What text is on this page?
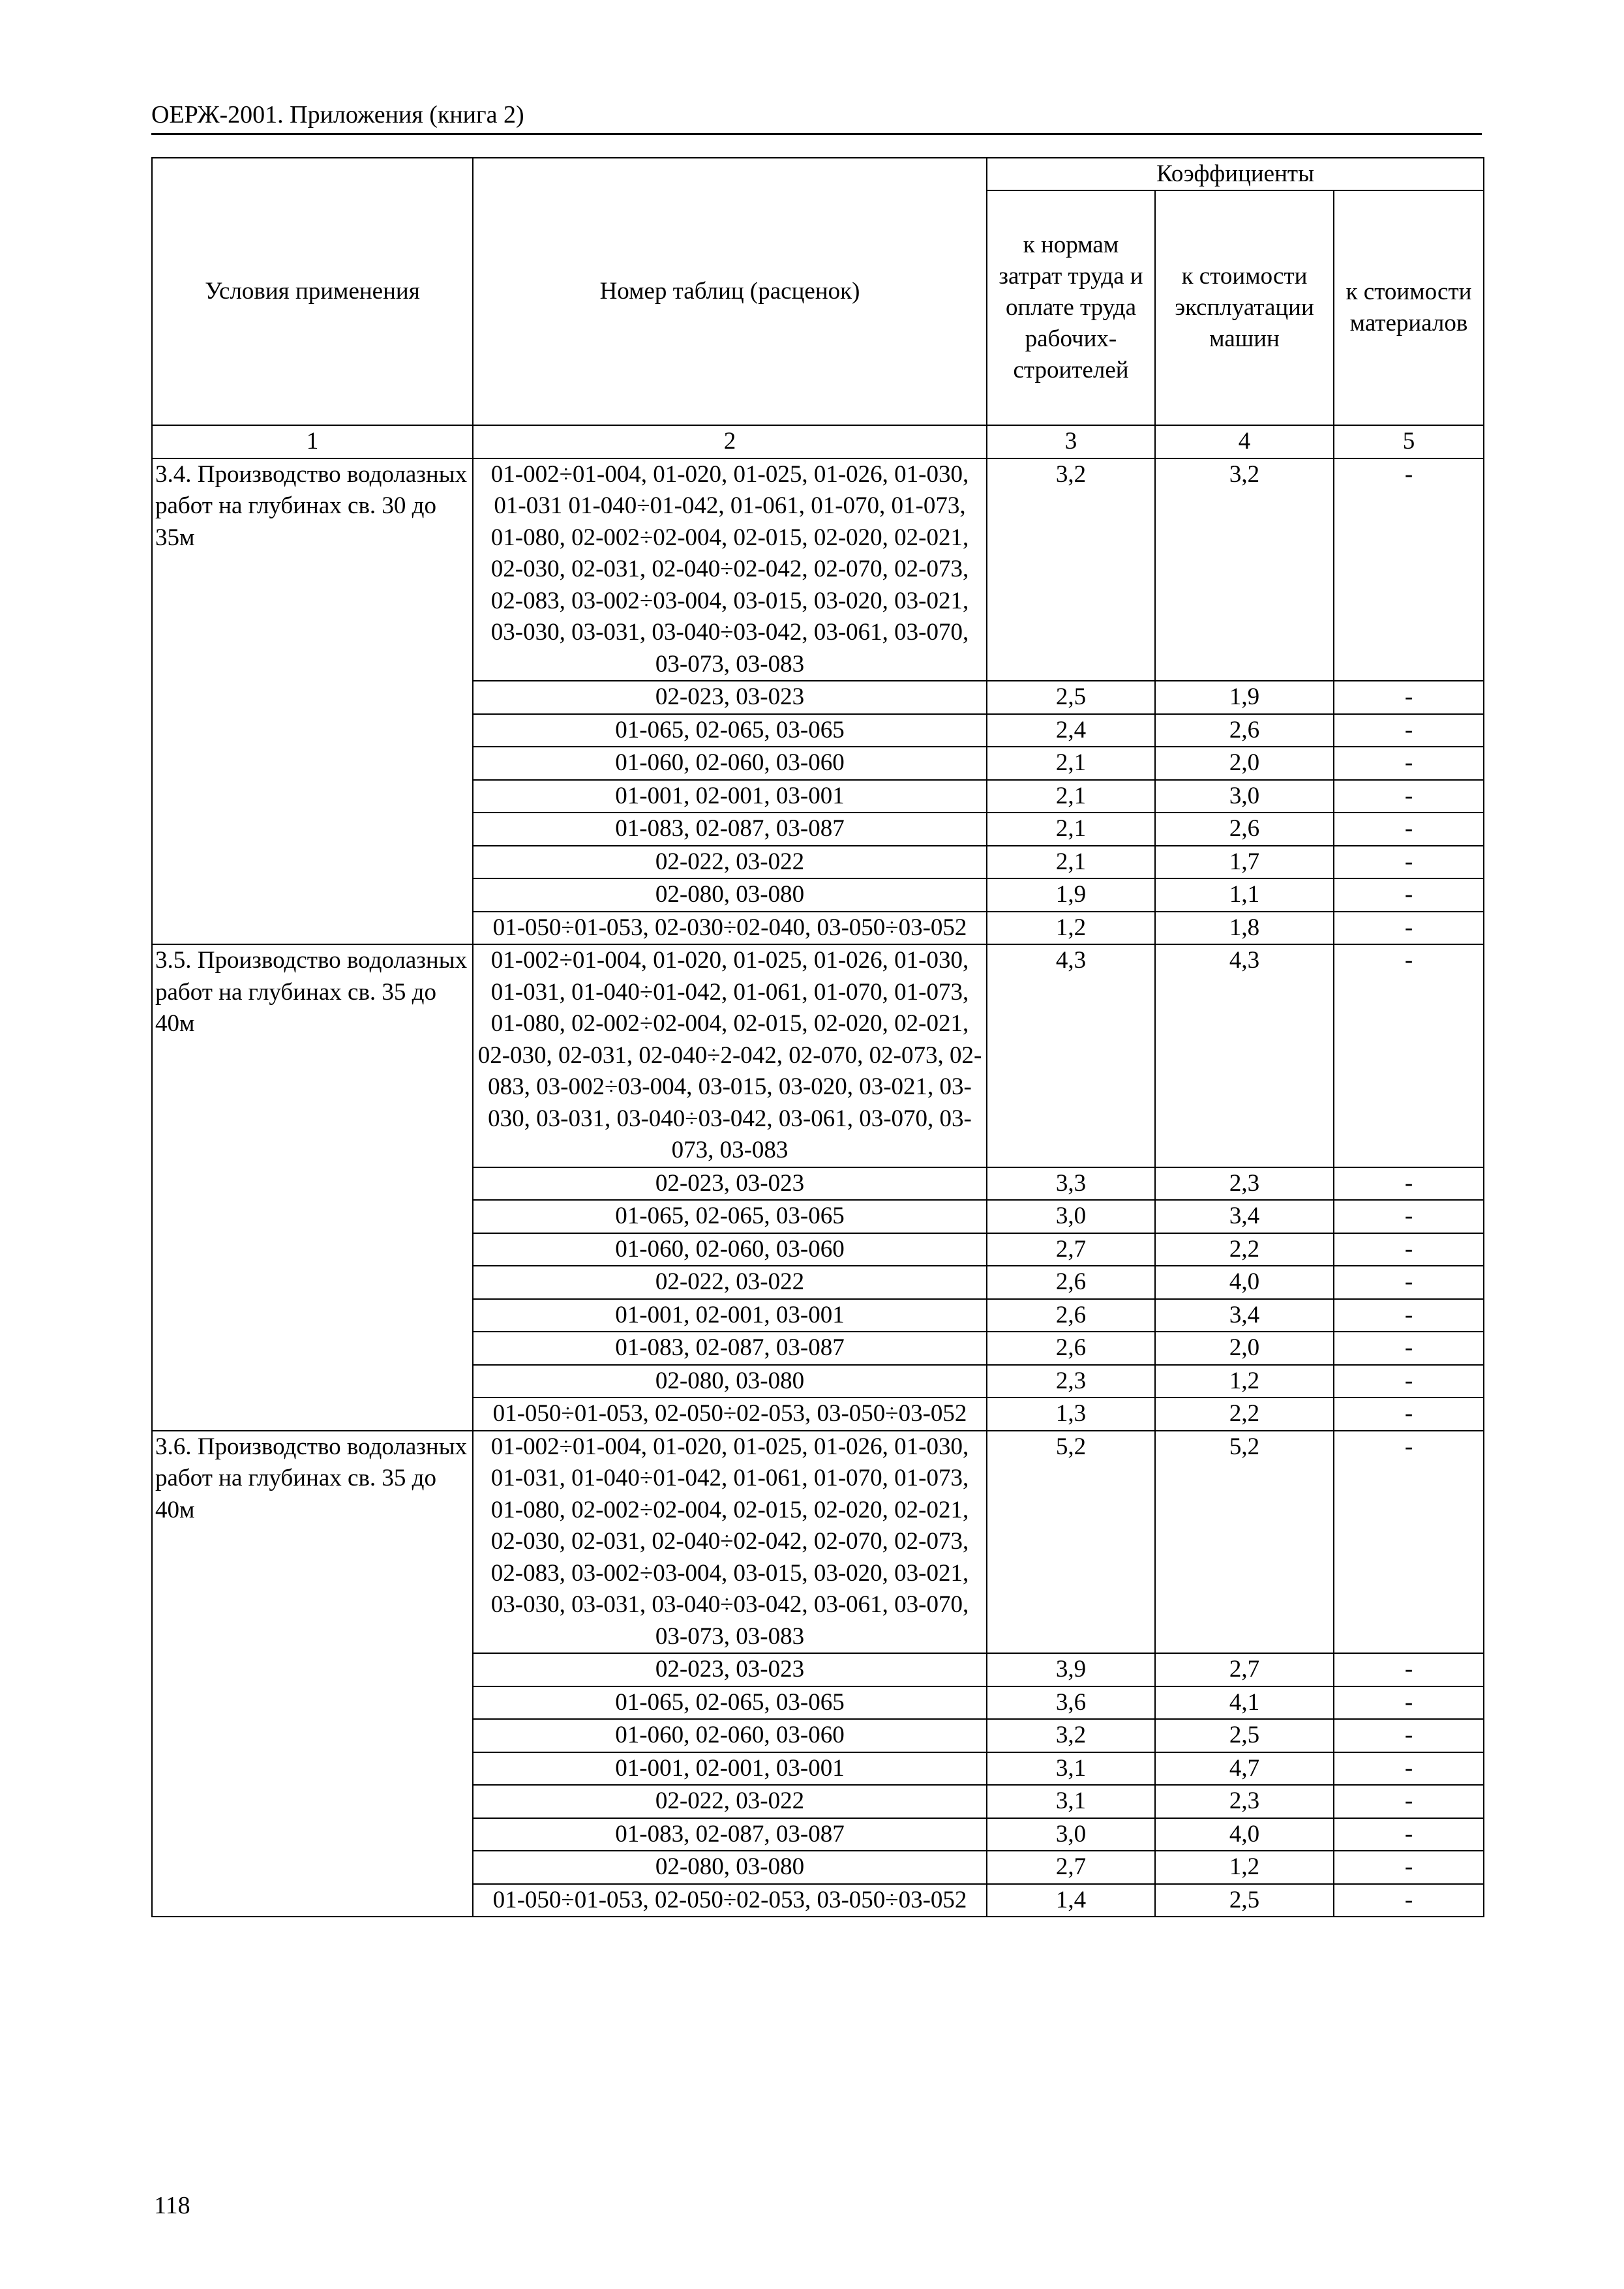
ОЕРЖ-2001. Приложения (книга 2)
Условия применения	Номер таблиц (расценок)	Коэффициенты		
		к нормам затрат труда и оплате труда рабочих-строителей	к стоимости эксплуатации машин	к стоимости материалов
1	2	3	4	5
3.4. Производство водолазных работ на глубинах св. 30 до 35м	01-002÷01-004, 01-020, 01-025, 01-026, 01-030, 01-031 01-040÷01-042, 01-061, 01-070, 01-073, 01-080, 02-002÷02-004, 02-015, 02-020, 02-021, 02-030, 02-031, 02-040÷02-042, 02-070, 02-073, 02-083, 03-002÷03-004, 03-015, 03-020, 03-021, 03-030, 03-031, 03-040÷03-042, 03-061, 03-070, 03-073, 03-083	3,2	3,2	-
	02-023, 03-023	2,5	1,9	-
	01-065, 02-065, 03-065	2,4	2,6	-
	01-060, 02-060, 03-060	2,1	2,0	-
	01-001, 02-001, 03-001	2,1	3,0	-
	01-083, 02-087, 03-087	2,1	2,6	-
	02-022, 03-022	2,1	1,7	-
	02-080, 03-080	1,9	1,1	-
	01-050÷01-053, 02-030÷02-040, 03-050÷03-052	1,2	1,8	-
3.5. Производство водолазных работ на глубинах св. 35 до 40м	01-002÷01-004, 01-020, 01-025, 01-026, 01-030, 01-031, 01-040÷01-042, 01-061, 01-070, 01-073, 01-080, 02-002÷02-004, 02-015, 02-020, 02-021, 02-030, 02-031, 02-040÷2-042, 02-070, 02-073, 02-083, 03-002÷03-004, 03-015, 03-020, 03-021, 03-030, 03-031, 03-040÷03-042, 03-061, 03-070, 03-073, 03-083	4,3	4,3	-
	02-023, 03-023	3,3	2,3	-
	01-065, 02-065, 03-065	3,0	3,4	-
	01-060, 02-060, 03-060	2,7	2,2	-
	02-022, 03-022	2,6	4,0	-
	01-001, 02-001, 03-001	2,6	3,4	-
	01-083, 02-087, 03-087	2,6	2,0	-
	02-080, 03-080	2,3	1,2	-
	01-050÷01-053, 02-050÷02-053, 03-050÷03-052	1,3	2,2	-
3.6. Производство водолазных работ на глубинах св. 35 до 40м	01-002÷01-004, 01-020, 01-025, 01-026, 01-030, 01-031, 01-040÷01-042, 01-061, 01-070, 01-073, 01-080, 02-002÷02-004, 02-015, 02-020, 02-021, 02-030, 02-031, 02-040÷02-042, 02-070, 02-073, 02-083, 03-002÷03-004, 03-015, 03-020, 03-021, 03-030, 03-031, 03-040÷03-042, 03-061, 03-070, 03-073, 03-083	5,2	5,2	-
	02-023, 03-023	3,9	2,7	-
	01-065, 02-065, 03-065	3,6	4,1	-
	01-060, 02-060, 03-060	3,2	2,5	-
	01-001, 02-001, 03-001	3,1	4,7	-
	02-022, 03-022	3,1	2,3	-
	01-083, 02-087, 03-087	3,0	4,0	-
	02-080, 03-080	2,7	1,2	-
	01-050÷01-053, 02-050÷02-053, 03-050÷03-052	1,4	2,5	-
118
